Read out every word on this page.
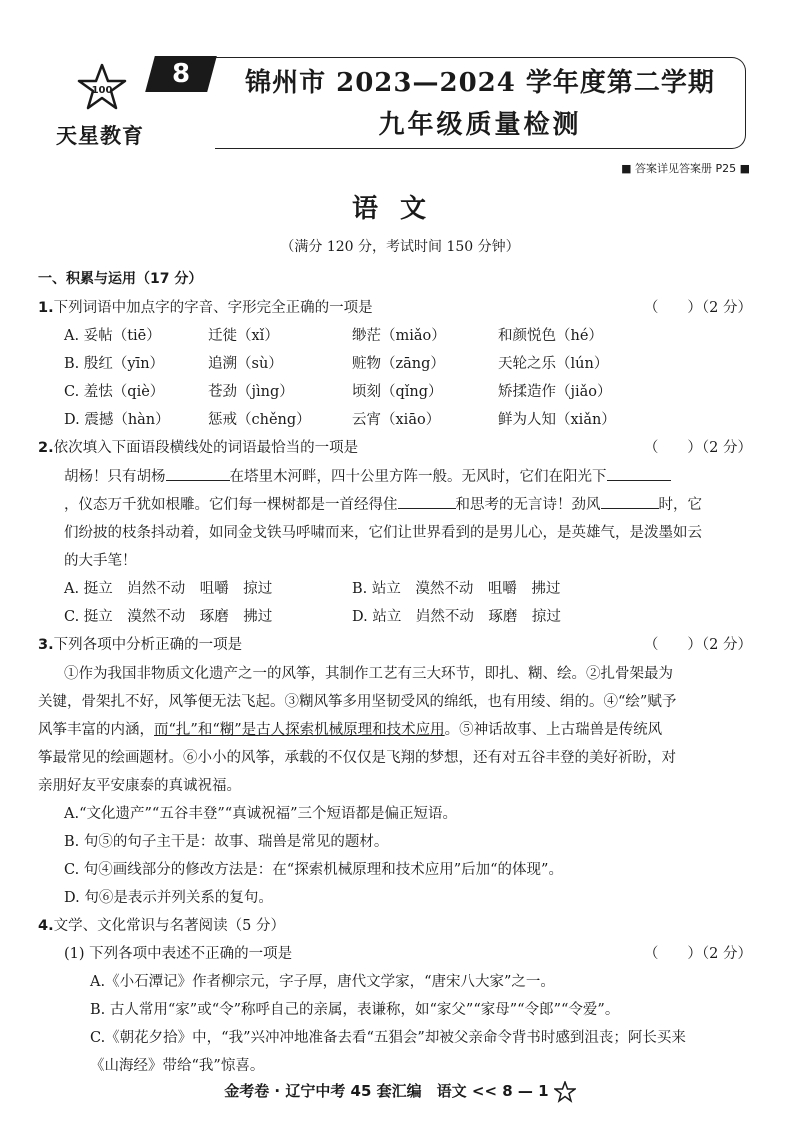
100
天星教育
8	锦州市 2023—2024 学年度第二学期
九年级质量检测
■ 答案详见答案册 P25 ■
语文
（满分 120 分，考试时间 150 分钟）
一、积累与运用（17 分）
1.下列词语中加点字的字音、字形完全正确的一项是	（　　）（2 分）
A. 妥帖（tiē）	迁徙（xǐ）	缈茫（miǎo）	和颜悦色（hé）
B. 殷红（yīn）	追溯（sù）	赃物（zāng）	天轮之乐（lún）
C. 羞怯（qiè）	苍劲（jìng）	顷刻（qǐng）	矫揉造作（jiǎo）
D. 震撼（hàn）	惩戒（chěng）	云宵（xiāo）	鲜为人知（xiǎn）
2.依次填入下面语段横线处的词语最恰当的一项是	（　　）（2 分）
胡杨！只有胡杨	在塔里木河畔，四十公里方阵一般。无风时，它们在阳光下
，仪态万千犹如根雕。它们每一棵树都是一首经得住	和思考的无言诗！劲风	时，它
们纷披的枝条抖动着，如同金戈铁马呼啸而来，它们让世界看到的是男儿心，是英雄气，是泼墨如云
的大手笔！
A. 挺立　岿然不动　咀嚼　掠过	B. 站立　漠然不动　咀嚼　拂过
C. 挺立　漠然不动　琢磨　拂过	D. 站立　岿然不动　琢磨　掠过
3.下列各项中分析正确的一项是	（　　）（2 分）
①作为我国非物质文化遗产之一的风筝，其制作工艺有三大环节，即扎、糊、绘。②扎骨架最为
关键，骨架扎不好，风筝便无法飞起。③糊风筝多用坚韧受风的绵纸，也有用绫、绢的。④“绘”赋予
风筝丰富的内涵，而“扎”和“糊”是古人探索机械原理和技术应用。⑤神话故事、上古瑞兽是传统风
筝最常见的绘画题材。⑥小小的风筝，承载的不仅仅是飞翔的梦想，还有对五谷丰登的美好祈盼，对
亲朋好友平安康泰的真诚祝福。
A.“文化遗产”“五谷丰登”“真诚祝福”三个短语都是偏正短语。
B. 句⑤的句子主干是：故事、瑞兽是常见的题材。
C. 句④画线部分的修改方法是：在“探索机械原理和技术应用”后加“的体现”。
D. 句⑥是表示并列关系的复句。
4.文学、文化常识与名著阅读（5 分）
(1) 下列各项中表述不正确的一项是	（　　）（2 分）
A.《小石潭记》作者柳宗元，字子厚，唐代文学家，“唐宋八大家”之一。
B. 古人常用“家”或“令”称呼自己的亲属，表谦称，如“家父”“家母”“令郎”“令爱”。
C.《朝花夕拾》中，“我”兴冲冲地准备去看“五猖会”却被父亲命令背书时感到沮丧；阿长买来
《山海经》带给“我”惊喜。
金考卷 · 辽宁中考 45 套汇编　语文 << 8 — 1
